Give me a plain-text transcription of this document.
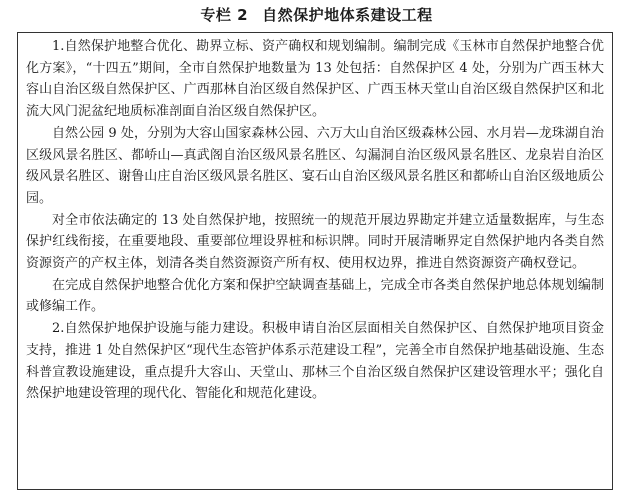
专栏 2 自然保护地体系建设工程

1.自然保护地整合优化、勘界立标、资产确权和规划编制。编制完成《玉林市自然保护地整合优化方案》，“十四五”期间，全市自然保护地数量为 13 处包括：自然保护区 4 处，分别为广西玉林大容山自治区级自然保护区、广西那林自治区级自然保护区、广西玉林天堂山自治区级自然保护区和北流大风门泥盆纪地质标准剖面自治区级自然保护区。

自然公园 9 处，分别为大容山国家森林公园、六万大山自治区级森林公园、水月岩—龙珠湖自治区级风景名胜区、都峤山—真武阁自治区级风景名胜区、勾漏洞自治区级风景名胜区、龙泉岩自治区级风景名胜区、谢鲁山庄自治区级风景名胜区、宴石山自治区级风景名胜区和都峤山自治区级地质公园。

对全市依法确定的 13 处自然保护地，按照统一的规范开展边界勘定并建立适量数据库，与生态保护红线衔接，在重要地段、重要部位埋设界桩和标识牌。同时开展清晰界定自然保护地内各类自然资源资产的产权主体，划清各类自然资源资产所有权、使用权边界，推进自然资源资产确权登记。

在完成自然保护地整合优化方案和保护空缺调查基础上，完成全市各类自然保护地总体规划编制或修编工作。

2.自然保护地保护设施与能力建设。积极申请自治区层面相关自然保护区、自然保护地项目资金支持，推进 1 处自然保护区“现代生态管护体系示范建设工程”，完善全市自然保护地基础设施、生态科普宣教设施建设，重点提升大容山、天堂山、那林三个自治区级自然保护区建设管理水平；强化自然保护地建设管理的现代化、智能化和规范化建设。
